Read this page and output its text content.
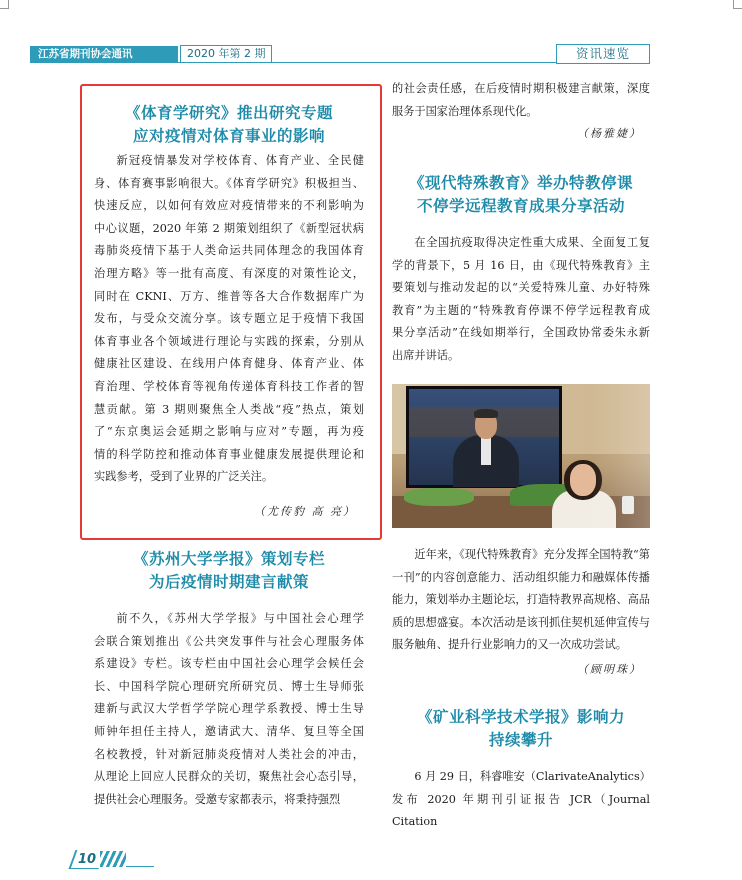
江苏省期刊协会通讯	2020 年第 2 期	资讯速览
《体育学研究》推出研究专题
应对疫情对体育事业的影响

新冠疫情暴发对学校体育、体育产业、全民健

身、体育赛事影响很大。《体育学研究》积极担当、

快速反应，以如何有效应对疫情带来的不利影响为

中心议题，2020 年第 2 期策划组织了《新型冠状病

毒肺炎疫情下基于人类命运共同体理念的我国体育

治理方略》等一批有高度、有深度的对策性论文，

同时在 CKNI、万方、维普等各大合作数据库广为

发布，与受众交流分享。该专题立足于疫情下我国

体育事业各个领域进行理论与实践的探索，分别从

健康社区建设、在线用户体育健身、体育产业、体

育治理、学校体育等视角传递体育科技工作者的智

慧贡献。第 3 期则聚焦全人类战“疫”热点，策划

了“东京奥运会延期之影响与应对”专题，再为疫

情的科学防控和推动体育事业健康发展提供理论和

实践参考，受到了业界的广泛关注。

（尤传豹 高 亮）
《苏州大学学报》策划专栏
为后疫情时期建言献策

前不久，《苏州大学学报》与中国社会心理学

会联合策划推出《公共突发事件与社会心理服务体

系建设》专栏。该专栏由中国社会心理学会候任会

长、中国科学院心理研究所研究员、博士生导师张

建新与武汉大学哲学学院心理学系教授、博士生导

师钟年担任主持人，邀请武大、清华、复旦等全国

名校教授，针对新冠肺炎疫情对人类社会的冲击，

从理论上回应人民群众的关切，聚焦社会心态引导，

提供社会心理服务。受邀专家都表示，将秉持强烈

的社会责任感，在后疫情时期积极建言献策，深度

服务于国家治理体系现代化。

（杨雅婕）
《现代特殊教育》举办特教停课
不停学远程教育成果分享活动

在全国抗疫取得决定性重大成果、全面复工复

学的背景下，5 月 16 日，由《现代特殊教育》主

要策划与推动发起的以“关爱特殊儿童、办好特殊

教育”为主题的“特殊教育停课不停学远程教育成

果分享活动”在线如期举行，全国政协常委朱永新

出席并讲话。

近年来，《现代特殊教育》充分发挥全国特教“第

一刊”的内容创意能力、活动组织能力和融媒体传播

能力，策划举办主题论坛，打造特教界高规格、高品

质的思想盛宴。本次活动是该刊抓住契机延伸宣传与

服务触角、提升行业影响力的又一次成功尝试。

（顾明珠）
《矿业科学技术学报》影响力
持续攀升

6 月 29 日，科睿唯安（ClarivateAnalytics）

发布 2020 年期刊引证报告 JCR（Journal Citation

10
